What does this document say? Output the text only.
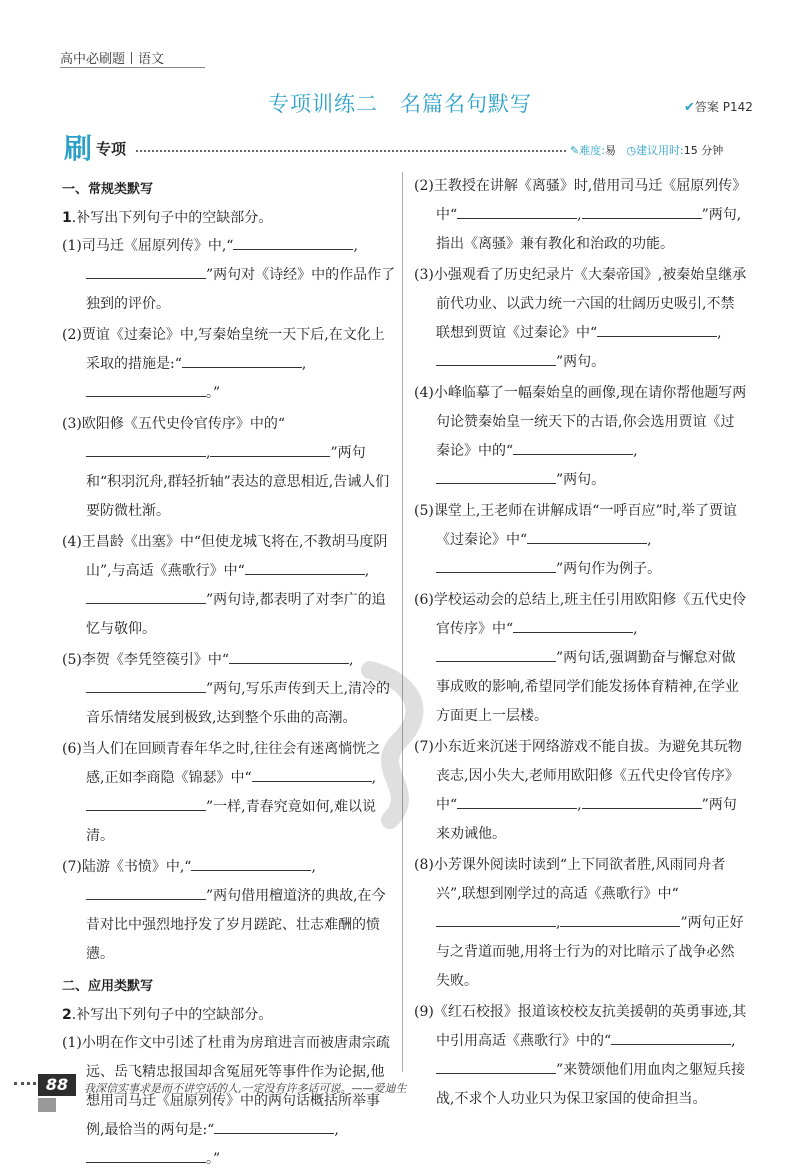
高中必刷题 语文
专项训练二　名篇名句默写	✔答案 P142
刷 专项	✎难度:易 ◷建议用时:15 分钟
一、常规类默写
1.补写出下列句子中的空缺部分。
(1)司马迁《屈原列传》中,“	,”两句对《诗经》中的作品作了独到的评价。
(2)贾谊《过秦论》中,写秦始皇统一天下后,在文化上采取的措施是:“	,。”
(3)欧阳修《五代史伶官传序》中的“,	”两句和“积羽沉舟,群轻折轴”表达的意思相近,告诫人们要防微杜渐。
(4)王昌龄《出塞》中“但使龙城飞将在,不教胡马度阴山”,与高适《燕歌行》中“	,”两句诗,都表明了对李广的追忆与敬仰。
(5)李贺《李凭箜篌引》中“	,”两句,写乐声传到天上,清冷的音乐情绪发展到极致,达到整个乐曲的高潮。
(6)当人们在回顾青春年华之时,往往会有迷离惝恍之感,正如李商隐《锦瑟》中“	,”一样,青春究竟如何,难以说清。
(7)陆游《书愤》中,“	,”两句借用檀道济的典故,在今昔对比中强烈地抒发了岁月蹉跎、壮志难酬的愤懑。
二、应用类默写
2.补写出下列句子中的空缺部分。
(1)小明在作文中引述了杜甫为房琯进言而被唐肃宗疏远、岳飞精忠报国却含冤屈死等事件作为论据,他想用司马迁《屈原列传》中的两句话概括所举事例,最恰当的两句是:“	,。”
(2)王教授在讲解《离骚》时,借用司马迁《屈原列传》中“	,	”两句,指出《离骚》兼有教化和治政的功能。
(3)小强观看了历史纪录片《大秦帝国》,被秦始皇继承前代功业、以武力统一六国的壮阔历史吸引,不禁联想到贾谊《过秦论》中“	,”两句。
(4)小峰临摹了一幅秦始皇的画像,现在请你帮他题写两句论赞秦始皇一统天下的古语,你会选用贾谊《过秦论》中的“	,”两句。
(5)课堂上,王老师在讲解成语“一呼百应”时,举了贾谊《过秦论》中“	,”两句作为例子。
(6)学校运动会的总结上,班主任引用欧阳修《五代史伶官传序》中“	,”两句话,强调勤奋与懈怠对做事成败的影响,希望同学们能发扬体育精神,在学业方面更上一层楼。
(7)小东近来沉迷于网络游戏不能自拔。为避免其玩物丧志,因小失大,老师用欧阳修《五代史伶官传序》中“	,	”两句来劝诫他。
(8)小芳课外阅读时读到“上下同欲者胜,风雨同舟者兴”,联想到刚学过的高适《燕歌行》中“,	”两句正好与之背道而驰,用将士行为的对比暗示了战争必然失败。
(9)《红石校报》报道该校校友抗美援朝的英勇事迹,其中引用高适《燕歌行》中的“	,”来赞颂他们用血肉之躯短兵接战,不求个人功业只为保卫家国的使命担当。
88	我深信实事求是而不讲空话的人,一定没有许多话可说。——爱迪生
